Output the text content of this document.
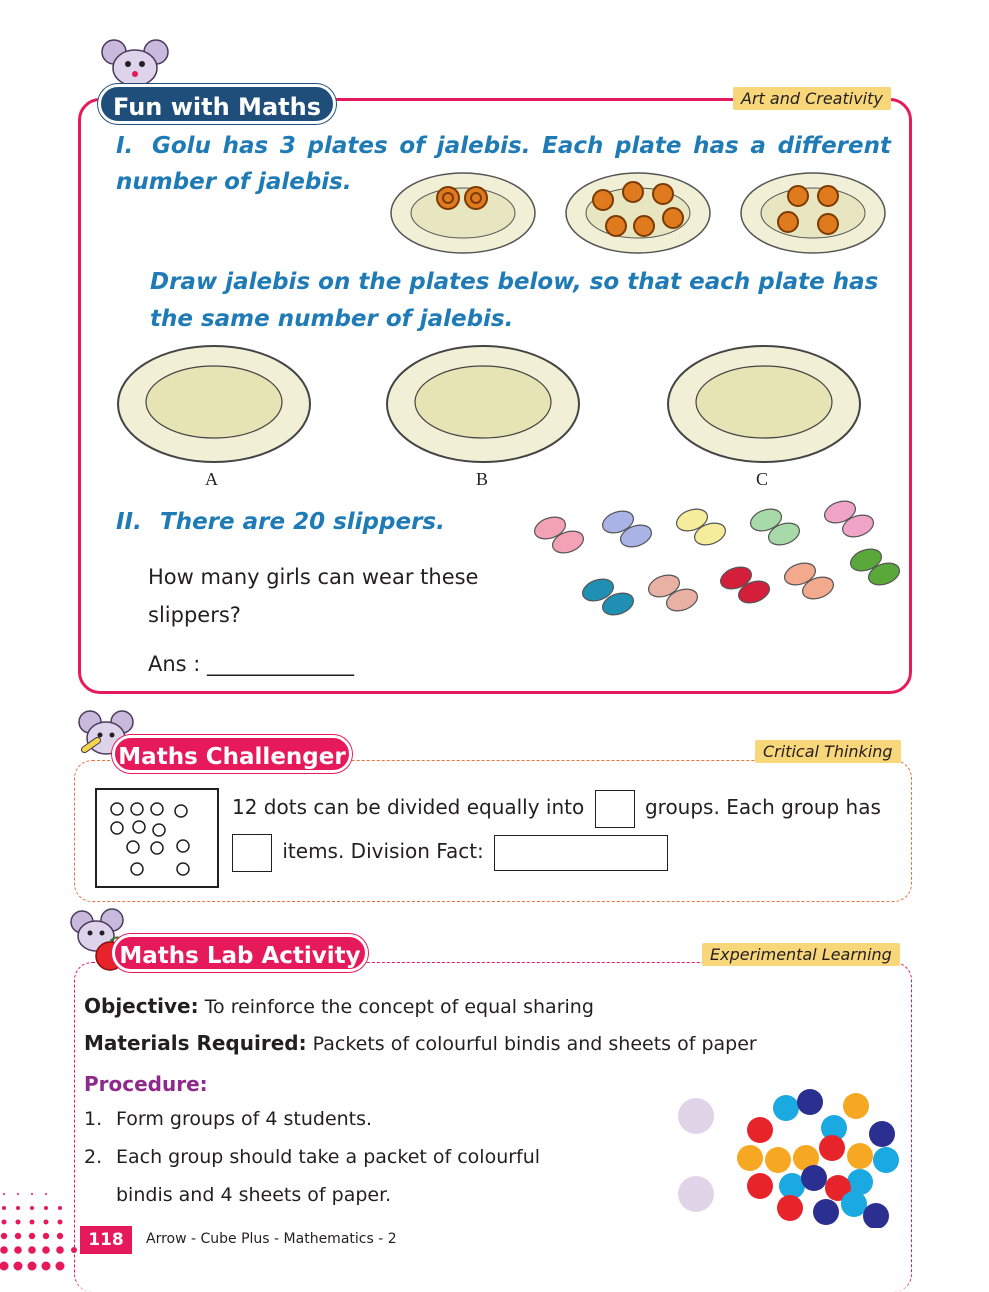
Fun with Maths	Art and Creativity
I. Golu has 3 plates of jalebis. Each plate has a different number of jalebis.
Draw jalebis on the plates below, so that each plate has the same number of jalebis.
A	B	C
II. There are 20 slippers.
How many girls can wear these slippers?
Ans : ______________
Maths Challenger	Critical Thinking
12 dots can be divided equally into	groups. Each group has
items. Division Fact:
Maths Lab Activity	Experimental Learning
Objective: To reinforce the concept of equal sharing
Materials Required: Packets of colourful bindis and sheets of paper
Procedure:
1. Form groups of 4 students.
2. Each group should take a packet of colourful
bindis and 4 sheets of paper.
118	Arrow - Cube Plus - Mathematics - 2
